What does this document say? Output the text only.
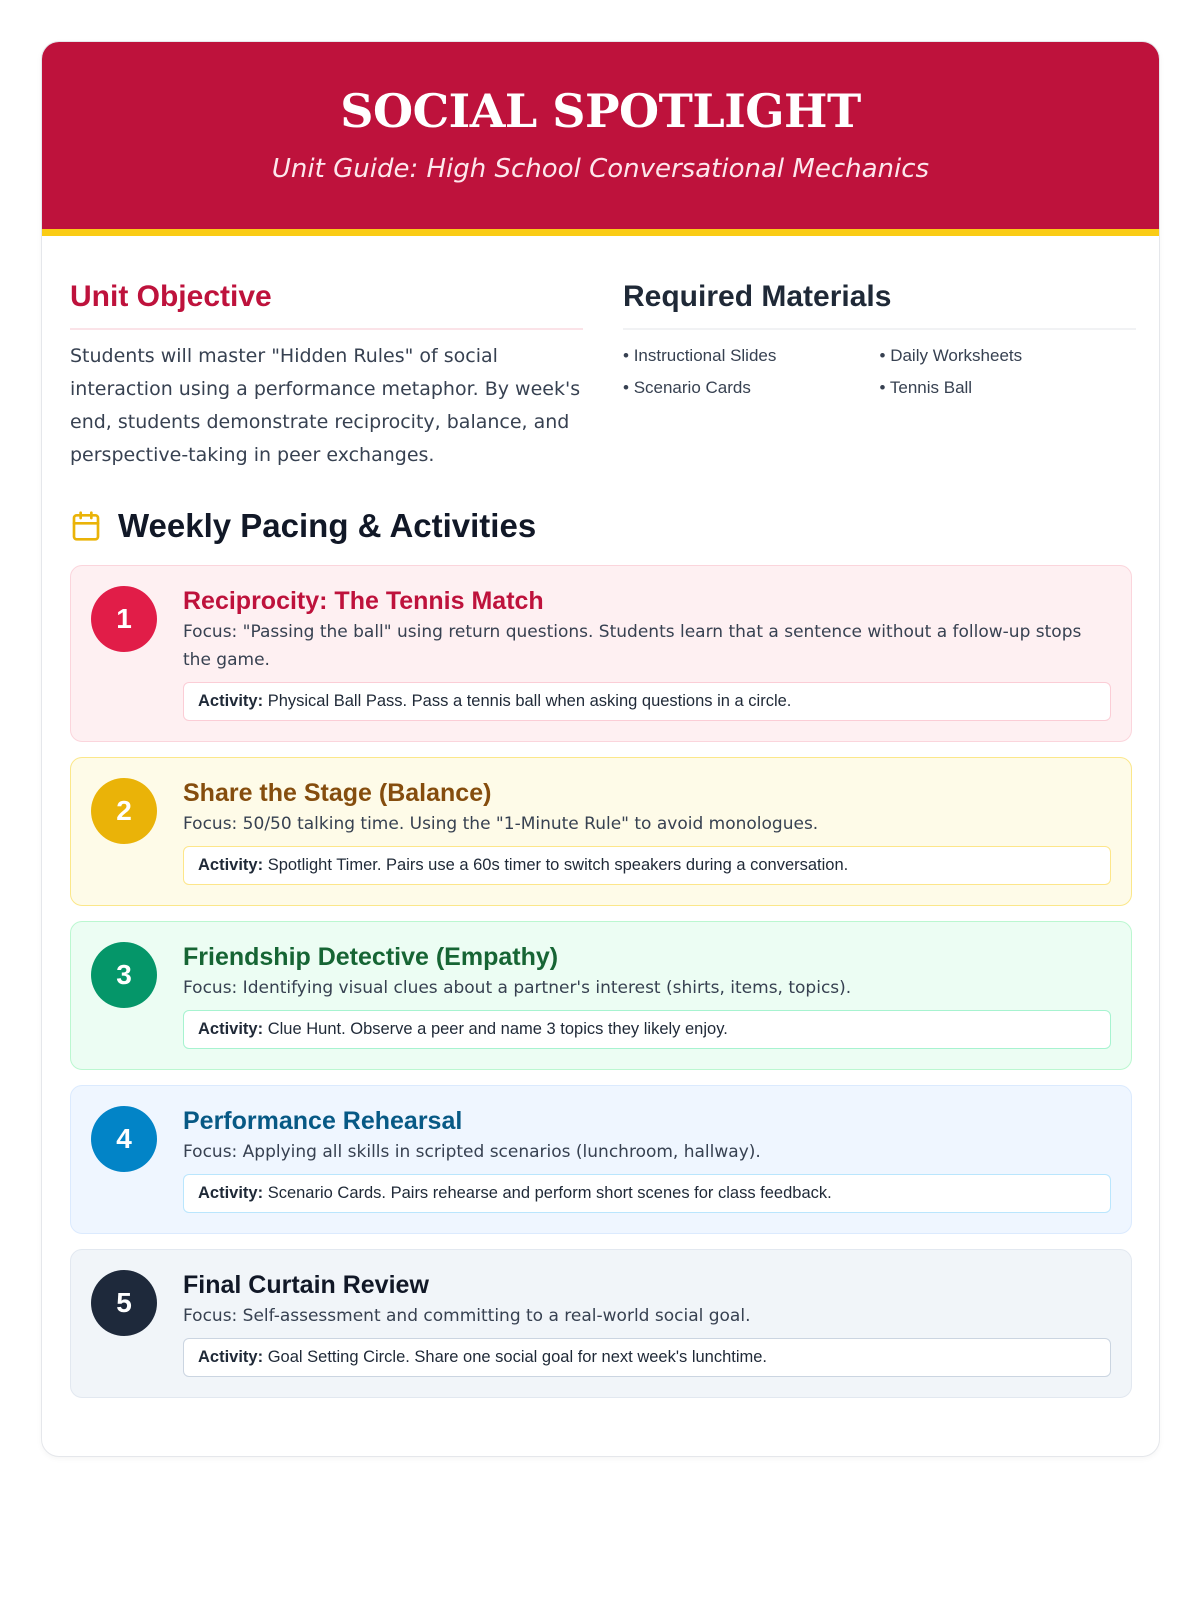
SOCIAL SPOTLIGHT
Unit Guide: High School Conversational Mechanics
Unit Objective

Students will master "Hidden Rules" of social interaction using a performance metaphor. By week's end, students demonstrate reciprocity, balance, and perspective-taking in peer exchanges.

Required Materials
• Instructional Slides	• Daily Worksheets
• Scenario Cards	• Tennis Ball
Weekly Pacing & Activities
1
Reciprocity: The Tennis Match
Focus: "Passing the ball" using return questions. Students learn that a sentence without a follow-up stops the game.
Activity: Physical Ball Pass. Pass a tennis ball when asking questions in a circle.
2
Share the Stage (Balance)
Focus: 50/50 talking time. Using the "1-Minute Rule" to avoid monologues.
Activity: Spotlight Timer. Pairs use a 60s timer to switch speakers during a conversation.
3
Friendship Detective (Empathy)
Focus: Identifying visual clues about a partner's interest (shirts, items, topics).
Activity: Clue Hunt. Observe a peer and name 3 topics they likely enjoy.
4
Performance Rehearsal
Focus: Applying all skills in scripted scenarios (lunchroom, hallway).
Activity: Scenario Cards. Pairs rehearse and perform short scenes for class feedback.
5
Final Curtain Review
Focus: Self-assessment and committing to a real-world social goal.
Activity: Goal Setting Circle. Share one social goal for next week's lunchtime.
